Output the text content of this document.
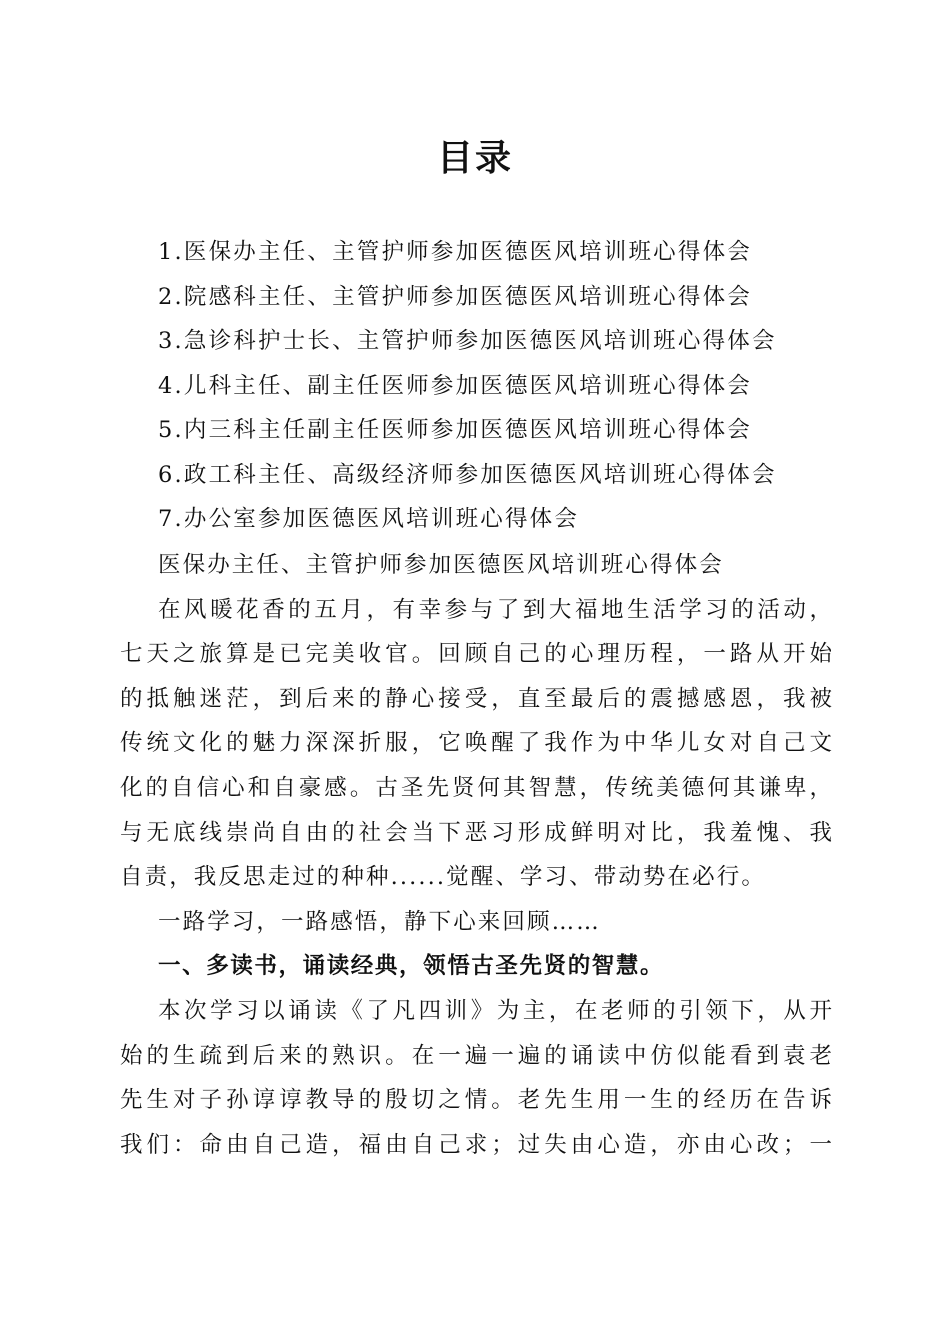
目录
1.医保办主任、主管护师参加医德医风培训班心得体会
2.院感科主任、主管护师参加医德医风培训班心得体会
3.急诊科护士长、主管护师参加医德医风培训班心得体会
4.儿科主任、副主任医师参加医德医风培训班心得体会
5.内三科主任副主任医师参加医德医风培训班心得体会
6.政工科主任、高级经济师参加医德医风培训班心得体会
7.办公室参加医德医风培训班心得体会
医保办主任、主管护师参加医德医风培训班心得体会
在风暖花香的五月，有幸参与了到大福地生活学习的活动，
七天之旅算是已完美收官。回顾自己的心理历程，一路从开始
的抵触迷茫，到后来的静心接受，直至最后的震撼感恩，我被
传统文化的魅力深深折服，它唤醒了我作为中华儿女对自己文
化的自信心和自豪感。古圣先贤何其智慧，传统美德何其谦卑，
与无底线崇尚自由的社会当下恶习形成鲜明对比，我羞愧、我
自责，我反思走过的种种......觉醒、学习、带动势在必行。
一路学习，一路感悟，静下心来回顾……
一、多读书，诵读经典，领悟古圣先贤的智慧。
本次学习以诵读《了凡四训》为主，在老师的引领下，从开
始的生疏到后来的熟识。在一遍一遍的诵读中仿似能看到袁老
先生对子孙谆谆教导的殷切之情。老先生用一生的经历在告诉
我们：命由自己造，福由自己求；过失由心造，亦由心改；一
